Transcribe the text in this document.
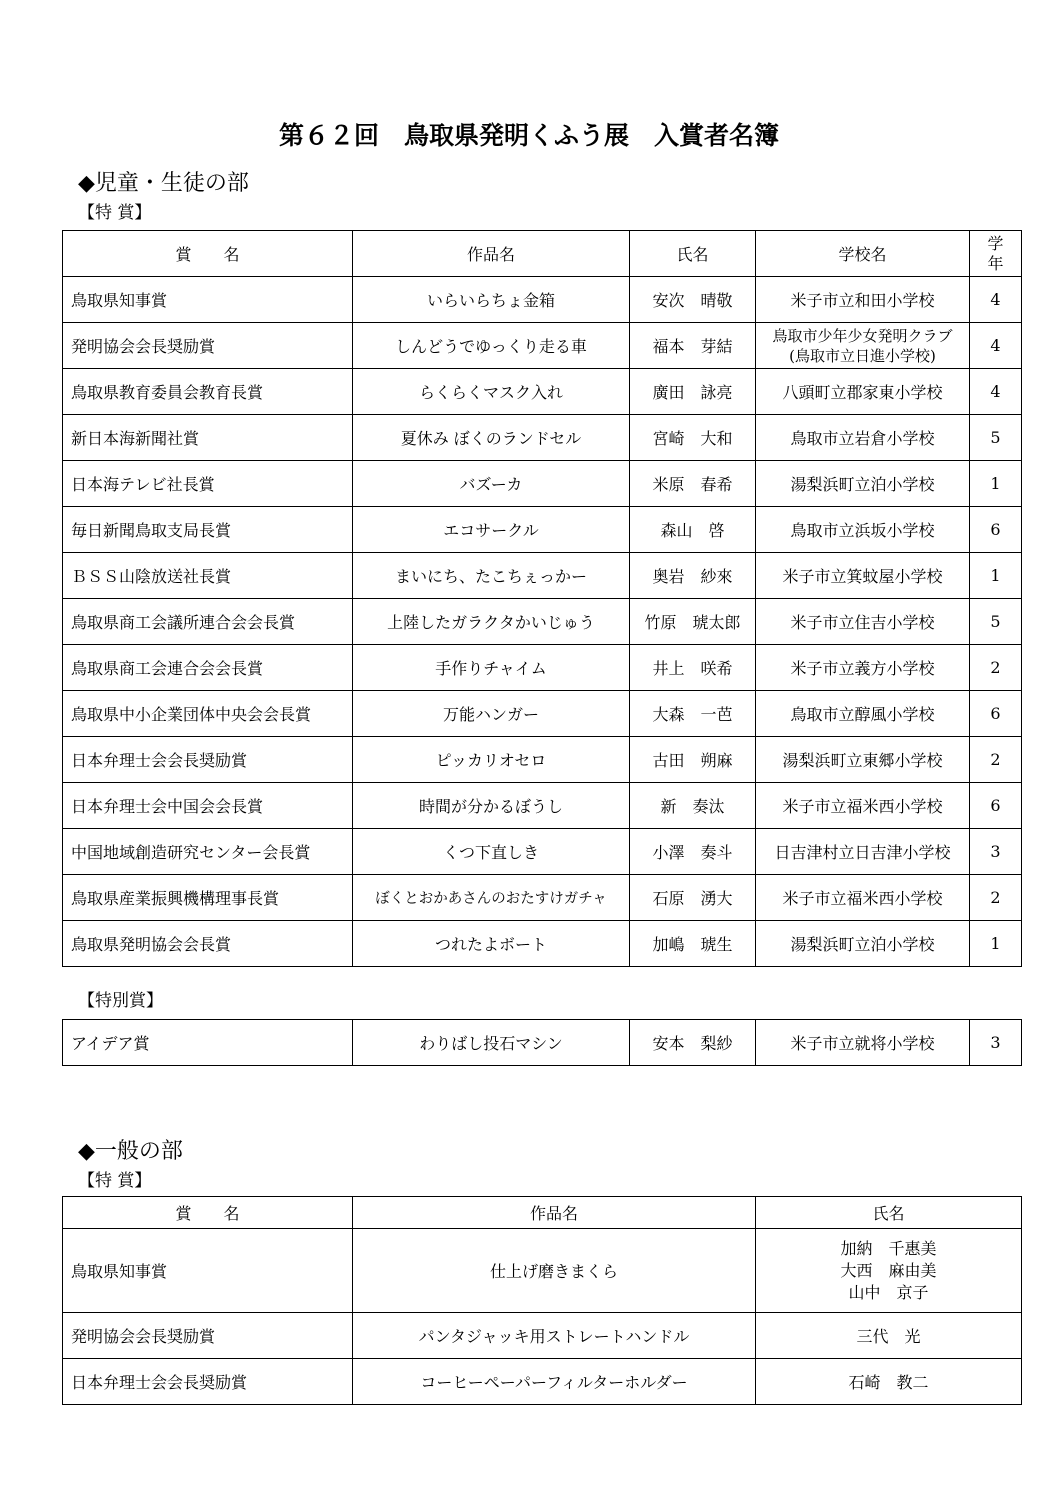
第６２回　鳥取県発明くふう展　入賞者名簿
◆児童・生徒の部
【特 賞】
賞　　名	作品名	氏名	学校名	学
年

鳥取県知事賞	いらいらちょ金箱	安次　晴敬	米子市立和田小学校	4
発明協会会長奨励賞	しんどうでゆっくり走る車	福本　芽結	鳥取市少年少女発明クラブ
(鳥取市立日進小学校)	4
鳥取県教育委員会教育長賞	らくらくマスク入れ	廣田　詠亮	八頭町立郡家東小学校	4
新日本海新聞社賞	夏休み ぼくのランドセル	宮崎　大和	鳥取市立岩倉小学校	5
日本海テレビ社長賞	バズーカ	米原　春希	湯梨浜町立泊小学校	1
毎日新聞鳥取支局長賞	エコサークル	森山　啓	鳥取市立浜坂小学校	6
ＢＳＳ山陰放送社長賞	まいにち、たこちぇっかー	奥岩　紗來	米子市立箕蚊屋小学校	1
鳥取県商工会議所連合会会長賞	上陸したガラクタかいじゅう	竹原　琥太郎	米子市立住吉小学校	5
鳥取県商工会連合会会長賞	手作りチャイム	井上　咲希	米子市立義方小学校	2
鳥取県中小企業団体中央会会長賞	万能ハンガー	大森　一芭	鳥取市立醇風小学校	6
日本弁理士会会長奨励賞	ピッカリオセロ	古田　朔麻	湯梨浜町立東郷小学校	2
日本弁理士会中国会会長賞	時間が分かるぼうし	新　奏汰	米子市立福米西小学校	6
中国地域創造研究センター会長賞	くつ下直しき	小澤　奏斗	日吉津村立日吉津小学校	3
鳥取県産業振興機構理事長賞	ぼくとおかあさんのおたすけガチャ	石原　湧大	米子市立福米西小学校	2
鳥取県発明協会会長賞	つれたよボート	加嶋　琥生	湯梨浜町立泊小学校	1
【特別賞】
アイデア賞	わりばし投石マシン	安本　梨紗	米子市立就将小学校	3
◆一般の部
【特 賞】
賞　　名	作品名	氏名
鳥取県知事賞	仕上げ磨きまくら	加納　千惠美
大西　麻由美
山中　京子

発明協会会長奨励賞	パンタジャッキ用ストレートハンドル	三代　光
日本弁理士会会長奨励賞	コーヒーペーパーフィルターホルダー	石崎　教二
